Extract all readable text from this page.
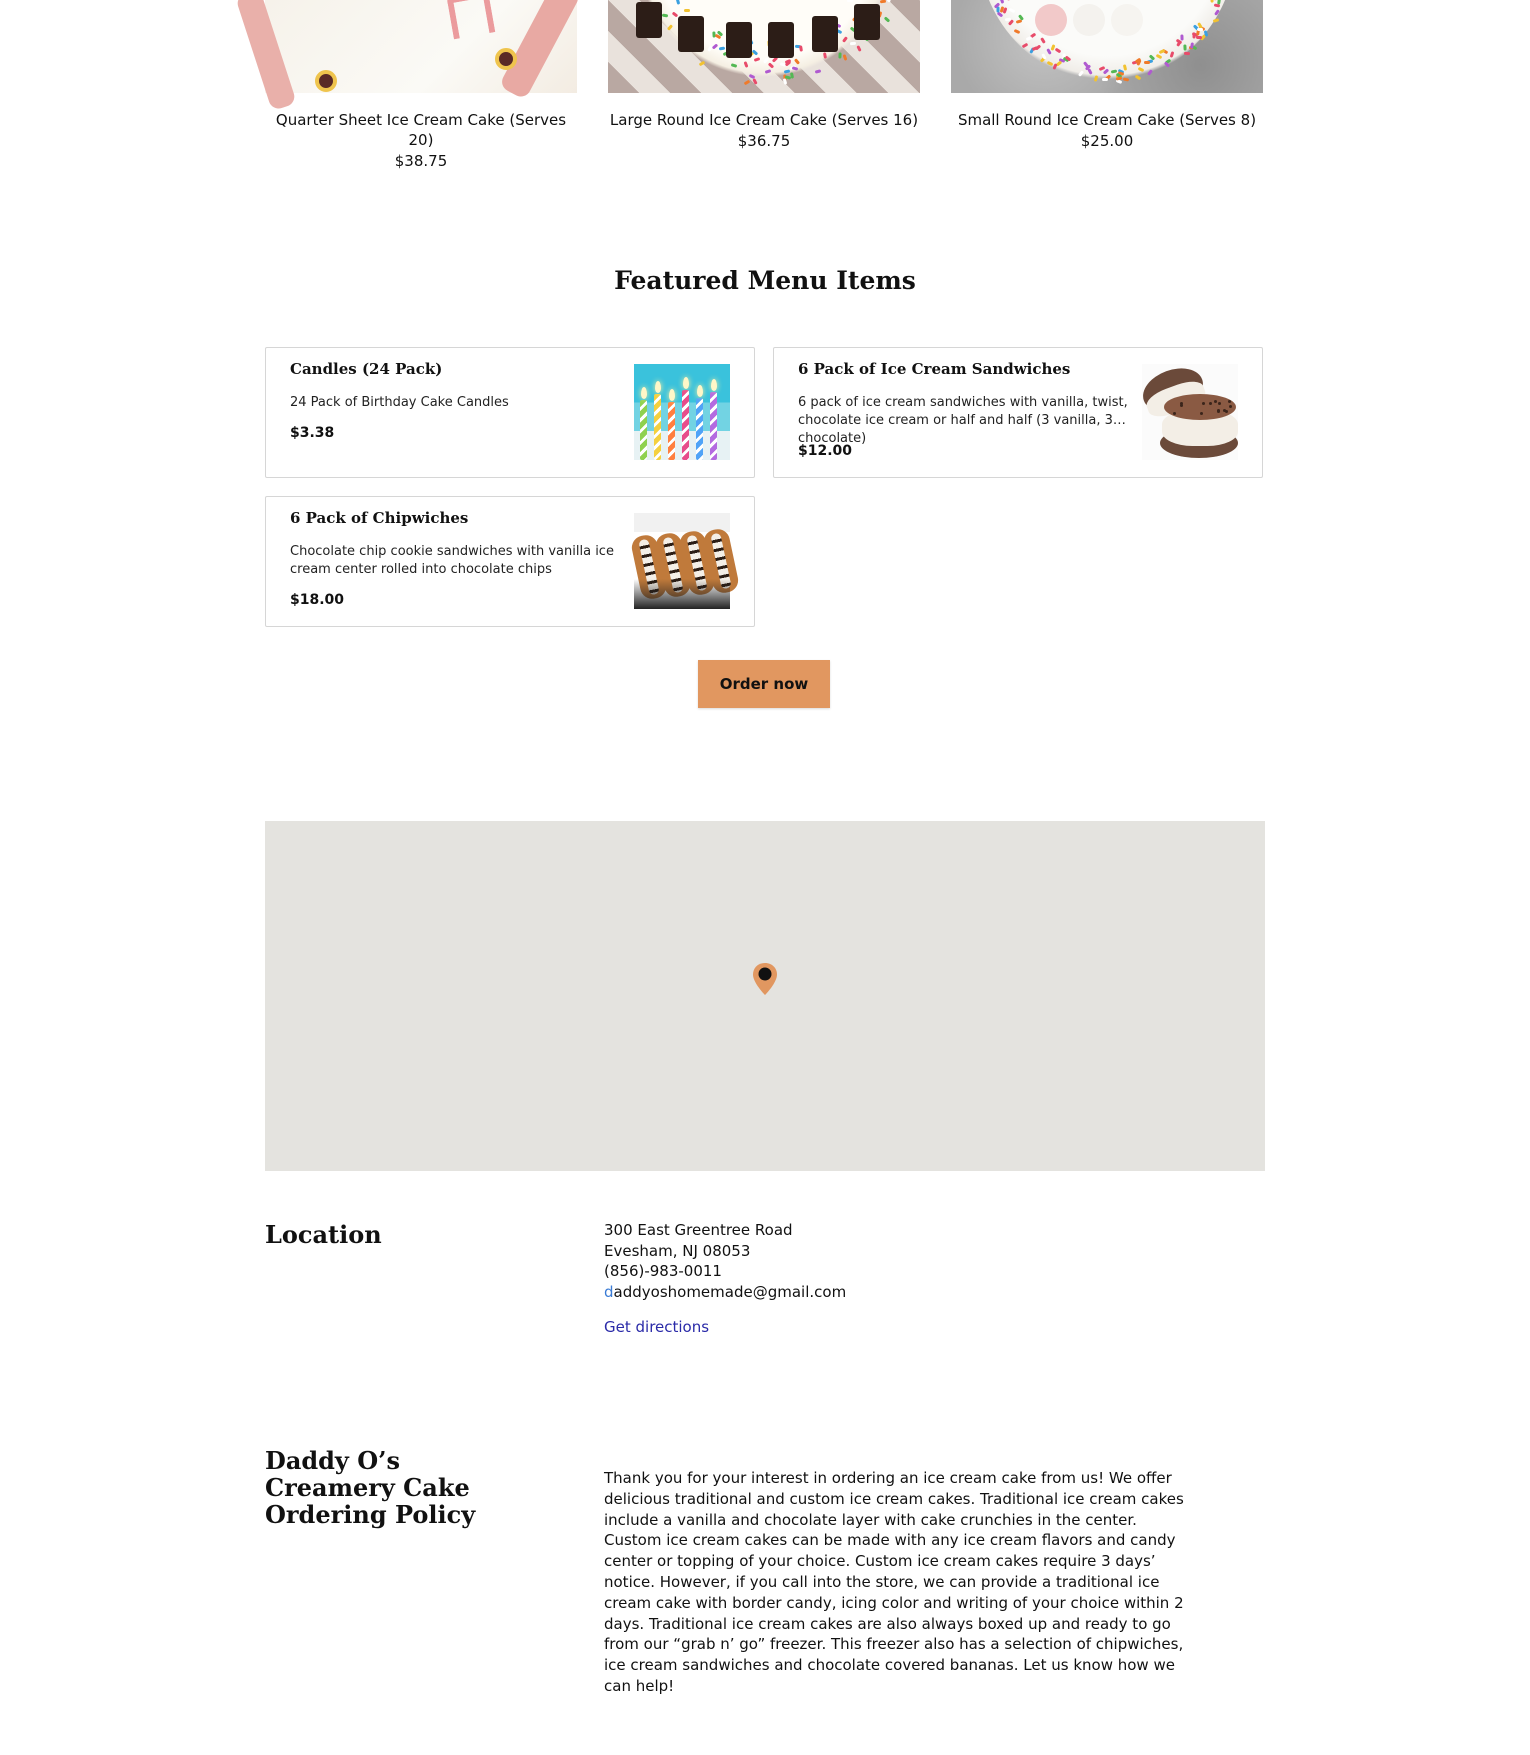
Quarter Sheet Ice Cream Cake (Serves 20)
$38.75
Large Round Ice Cream Cake (Serves 16)
$36.75
Small Round Ice Cream Cake (Serves 8)
$25.00
Featured Menu Items
Candles (24 Pack)
24 Pack of Birthday Cake Candles
$3.38
6 Pack of Ice Cream Sandwiches
6 pack of ice cream sandwiches with vanilla, twist, chocolate ice cream or half and half (3 vanilla, 3 chocolate)
$12.00
6 Pack of Chipwiches
Chocolate chip cookie sandwiches with vanilla ice cream center rolled into chocolate chips
$18.00
Order now
Location	300 East Greentree Road
Evesham, NJ 08053
(856)-983-0011
daddyoshomemade@gmail.com
Get directions
Daddy O’s Creamery Cake Ordering Policy
Thank you for your interest in ordering an ice cream cake from us! We offer delicious traditional and custom ice cream cakes. Traditional ice cream cakes include a vanilla and chocolate layer with cake crunchies in the center. Custom ice cream cakes can be made with any ice cream flavors and candy center or topping of your choice. Custom ice cream cakes require 3 days’ notice. However, if you call into the store, we can provide a traditional ice cream cake with border candy, icing color and writing of your choice within 2 days. Traditional ice cream cakes are also always boxed up and ready to go from our “grab n’ go” freezer. This freezer also has a selection of chipwiches, ice cream sandwiches and chocolate covered bananas. Let us know how we can help!
